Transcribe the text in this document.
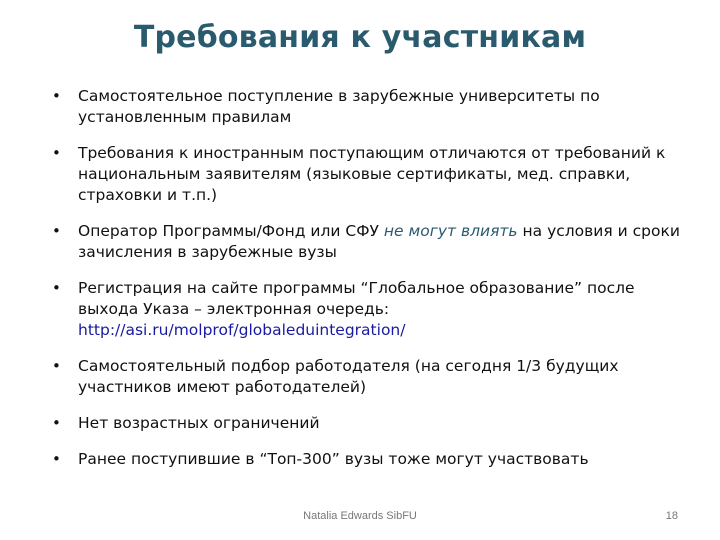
Требования к участникам
• Самостоятельное поступление в зарубежные университеты по установленным правилам
• Требования к иностранным поступающим отличаются от требований к национальным заявителям (языковые сертификаты, мед. справки, страховки и т.п.)
• Оператор Программы/Фонд или СФУ не могут влиять на условия и сроки зачисления в зарубежные вузы
• Регистрация на сайте программы “Глобальное образование” после выхода Указа – электронная очередь:
http://asi.ru/molprof/globaleduintegration/
• Самостоятельный подбор работодателя (на сегодня 1/3 будущих участников имеют работодателей)
• Нет возрастных ограничений
• Ранее поступившие в “Топ-300” вузы тоже могут участвовать
Natalia Edwards SibFU	18
